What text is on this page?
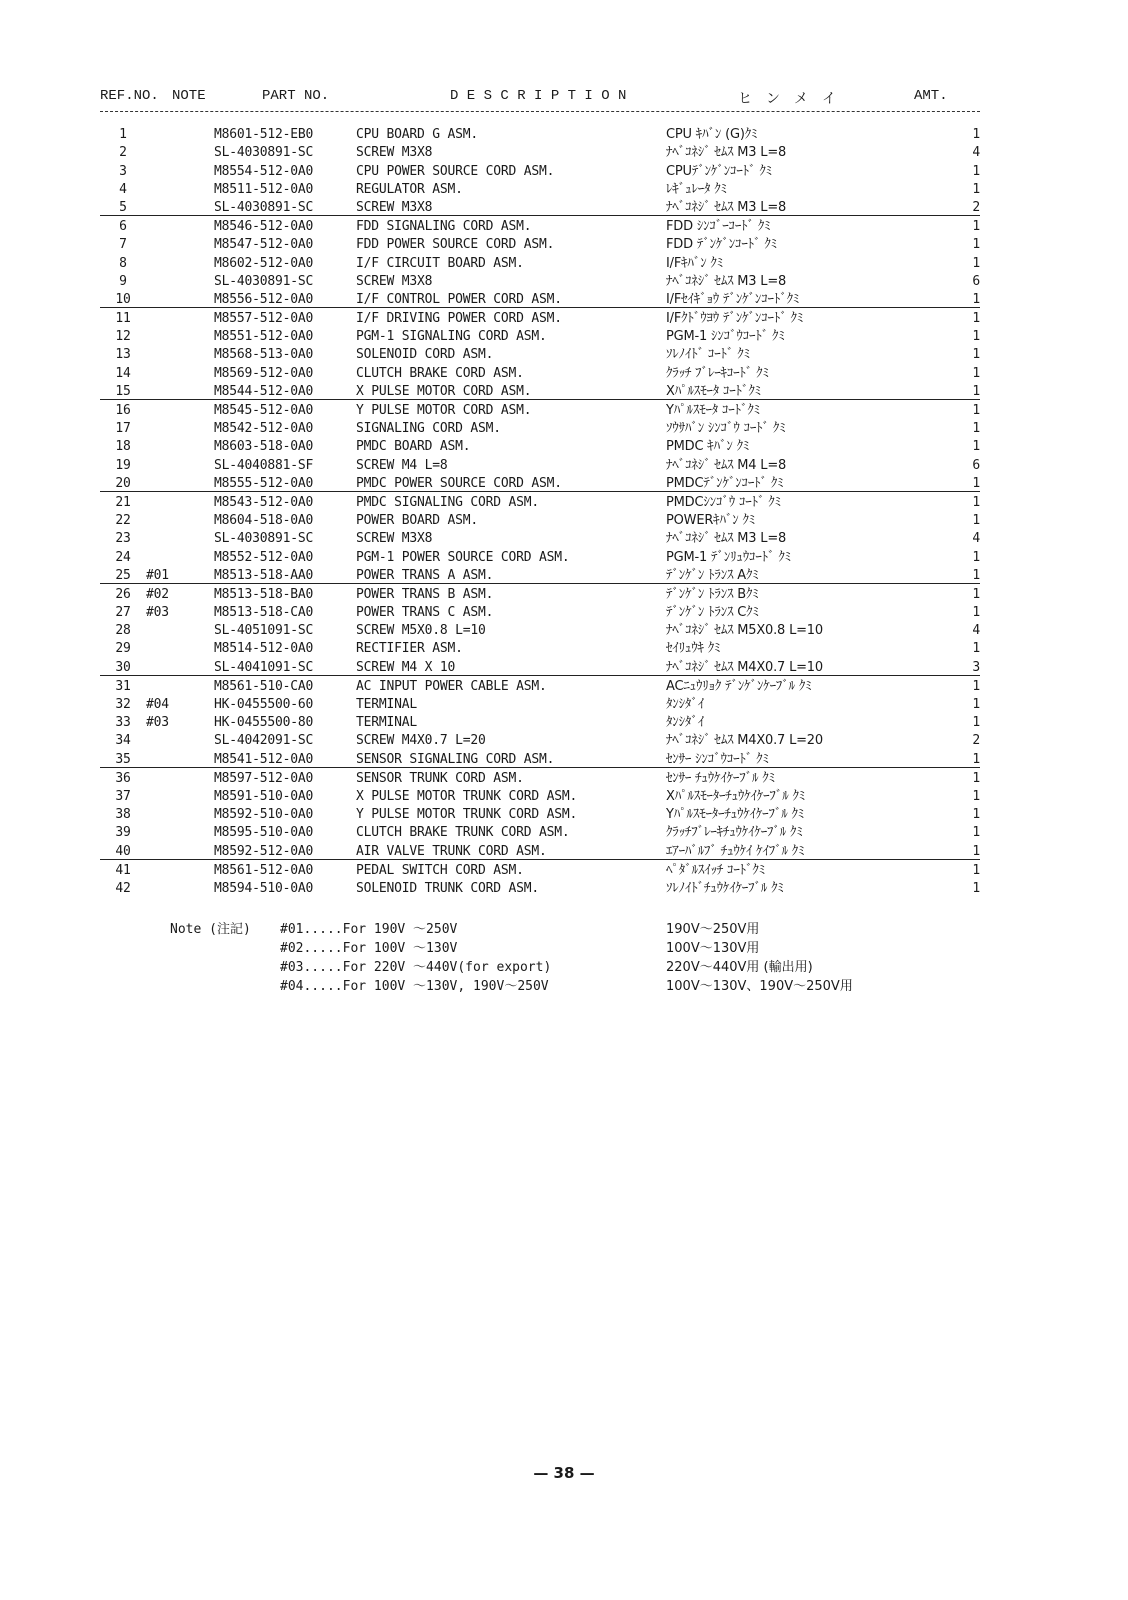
REF.NO. NOTE	PART NO.	D E S C R I P T I O N	ヒ　ン　メ　イ	AMT.
1		M8601-512-EB0	CPU BOARD G ASM.	CPU ｷﾊﾞﾝ (G)ｸﾐ	1
2		SL-4030891-SC	SCREW M3X8	ﾅﾍﾞｺﾈｼﾞ ｾﾑｽ M3 L=8	4
3		M8554-512-0A0	CPU POWER SOURCE CORD ASM.	CPUﾃﾞﾝｹﾞﾝｺｰﾄﾞ ｸﾐ	1
4		M8511-512-0A0	REGULATOR ASM.	ﾚｷﾞｭﾚｰﾀ ｸﾐ	1
5		SL-4030891-SC	SCREW M3X8	ﾅﾍﾞｺﾈｼﾞ ｾﾑｽ M3 L=8	2
6		M8546-512-0A0	FDD SIGNALING CORD ASM.	FDD ｼﾝｺﾞｰｺｰﾄﾞ ｸﾐ	1
7		M8547-512-0A0	FDD POWER SOURCE CORD ASM.	FDD ﾃﾞﾝｹﾞﾝｺｰﾄﾞ ｸﾐ	1
8		M8602-512-0A0	I/F CIRCUIT BOARD ASM.	I/Fｷﾊﾞﾝ ｸﾐ	1
9		SL-4030891-SC	SCREW M3X8	ﾅﾍﾞｺﾈｼﾞ ｾﾑｽ M3 L=8	6
10		M8556-512-0A0	I/F CONTROL POWER CORD ASM.	I/Fｾｲｷﾞｮｳ ﾃﾞﾝｹﾞﾝｺｰﾄﾞｸﾐ	1
11		M8557-512-0A0	I/F DRIVING POWER CORD ASM.	I/Fｸﾄﾞｳﾖｳ ﾃﾞﾝｹﾞﾝｺｰﾄﾞ ｸﾐ	1
12		M8551-512-0A0	PGM-1 SIGNALING CORD ASM.	PGM-1 ｼﾝｺﾞｳｺｰﾄﾞ ｸﾐ	1
13		M8568-513-0A0	SOLENOID CORD ASM.	ｿﾚﾉｲﾄﾞ ｺｰﾄﾞ ｸﾐ	1
14		M8569-512-0A0	CLUTCH BRAKE CORD ASM.	ｸﾗｯﾁ ﾌﾞﾚｰｷｺｰﾄﾞ ｸﾐ	1
15		M8544-512-0A0	X PULSE MOTOR CORD ASM.	Xﾊﾟﾙｽﾓｰﾀ ｺｰﾄﾞｸﾐ	1
16		M8545-512-0A0	Y PULSE MOTOR CORD ASM.	Yﾊﾟﾙｽﾓｰﾀ ｺｰﾄﾞｸﾐ	1
17		M8542-512-0A0	SIGNALING CORD ASM.	ｿｳｻﾊﾞﾝ ｼﾝｺﾞｳ ｺｰﾄﾞ ｸﾐ	1
18		M8603-518-0A0	PMDC BOARD ASM.	PMDC ｷﾊﾞﾝ ｸﾐ	1
19		SL-4040881-SF	SCREW M4 L=8	ﾅﾍﾞｺﾈｼﾞ ｾﾑｽ M4 L=8	6
20		M8555-512-0A0	PMDC POWER SOURCE CORD ASM.	PMDCﾃﾞﾝｹﾞﾝｺｰﾄﾞ ｸﾐ	1
21		M8543-512-0A0	PMDC SIGNALING CORD ASM.	PMDCｼﾝｺﾞｳ ｺｰﾄﾞ ｸﾐ	1
22		M8604-518-0A0	POWER BOARD ASM.	POWERｷﾊﾞﾝ ｸﾐ	1
23		SL-4030891-SC	SCREW M3X8	ﾅﾍﾞｺﾈｼﾞ ｾﾑｽ M3 L=8	4
24		M8552-512-0A0	PGM-1 POWER SOURCE CORD ASM.	PGM-1 ﾃﾞﾝﾘｭｳｺｰﾄﾞ ｸﾐ	1
25	#01	M8513-518-AA0	POWER TRANS A ASM.	ﾃﾞﾝｹﾞﾝ ﾄﾗﾝｽ Aｸﾐ	1
26	#02	M8513-518-BA0	POWER TRANS B ASM.	ﾃﾞﾝｹﾞﾝ ﾄﾗﾝｽ Bｸﾐ	1
27	#03	M8513-518-CA0	POWER TRANS C ASM.	ﾃﾞﾝｹﾞﾝ ﾄﾗﾝｽ Cｸﾐ	1
28		SL-4051091-SC	SCREW M5X0.8 L=10	ﾅﾍﾞｺﾈｼﾞ ｾﾑｽ M5X0.8 L=10	4
29		M8514-512-0A0	RECTIFIER ASM.	ｾｲﾘｭｳｷ ｸﾐ	1
30		SL-4041091-SC	SCREW M4 X 10	ﾅﾍﾞｺﾈｼﾞ ｾﾑｽ M4X0.7 L=10	3
31		M8561-510-CA0	AC INPUT POWER CABLE ASM.	ACﾆｭｳﾘｮｸ ﾃﾞﾝｹﾞﾝｹｰﾌﾞﾙ ｸﾐ	1
32	#04	HK-0455500-60	TERMINAL	ﾀﾝｼﾀﾞｲ	1
33	#03	HK-0455500-80	TERMINAL	ﾀﾝｼﾀﾞｲ	1
34		SL-4042091-SC	SCREW M4X0.7 L=20	ﾅﾍﾞｺﾈｼﾞ ｾﾑｽ M4X0.7 L=20	2
35		M8541-512-0A0	SENSOR SIGNALING CORD ASM.	ｾﾝｻｰ ｼﾝｺﾞｳｺｰﾄﾞ ｸﾐ	1
36		M8597-512-0A0	SENSOR TRUNK CORD ASM.	ｾﾝｻｰ ﾁｭｳｹｲｹｰﾌﾞﾙ ｸﾐ	1
37		M8591-510-0A0	X PULSE MOTOR TRUNK CORD ASM.	Xﾊﾟﾙｽﾓｰﾀｰﾁｭｳｹｲｹｰﾌﾞﾙ ｸﾐ	1
38		M8592-510-0A0	Y PULSE MOTOR TRUNK CORD ASM.	Yﾊﾟﾙｽﾓｰﾀｰﾁｭｳｹｲｹｰﾌﾞﾙ ｸﾐ	1
39		M8595-510-0A0	CLUTCH BRAKE TRUNK CORD ASM.	ｸﾗｯﾁﾌﾞﾚｰｷﾁｭｳｹｲｹｰﾌﾞﾙ ｸﾐ	1
40		M8592-512-0A0	AIR VALVE TRUNK CORD ASM.	ｴｱｰﾊﾞﾙﾌﾞ ﾁｭｳｹｲ ｹｲﾌﾞﾙ ｸﾐ	1
41		M8561-512-0A0	PEDAL SWITCH CORD ASM.	ﾍﾟﾀﾞﾙｽｲｯﾁ ｺｰﾄﾞｸﾐ	1
42		M8594-510-0A0	SOLENOID TRUNK CORD ASM.	ｿﾚﾉｲﾄﾞﾁｭｳｹｲｹｰﾌﾞﾙ ｸﾐ	1
Note (注記) #01.....For 190V ～250V	190V～250V用
#02.....For 100V ～130V	100V～130V用
#03.....For 220V ～440V(for export)	220V～440V用 (輸出用)
#04.....For 100V ～130V, 190V～250V	100V～130V、190V～250V用
— 38 —
